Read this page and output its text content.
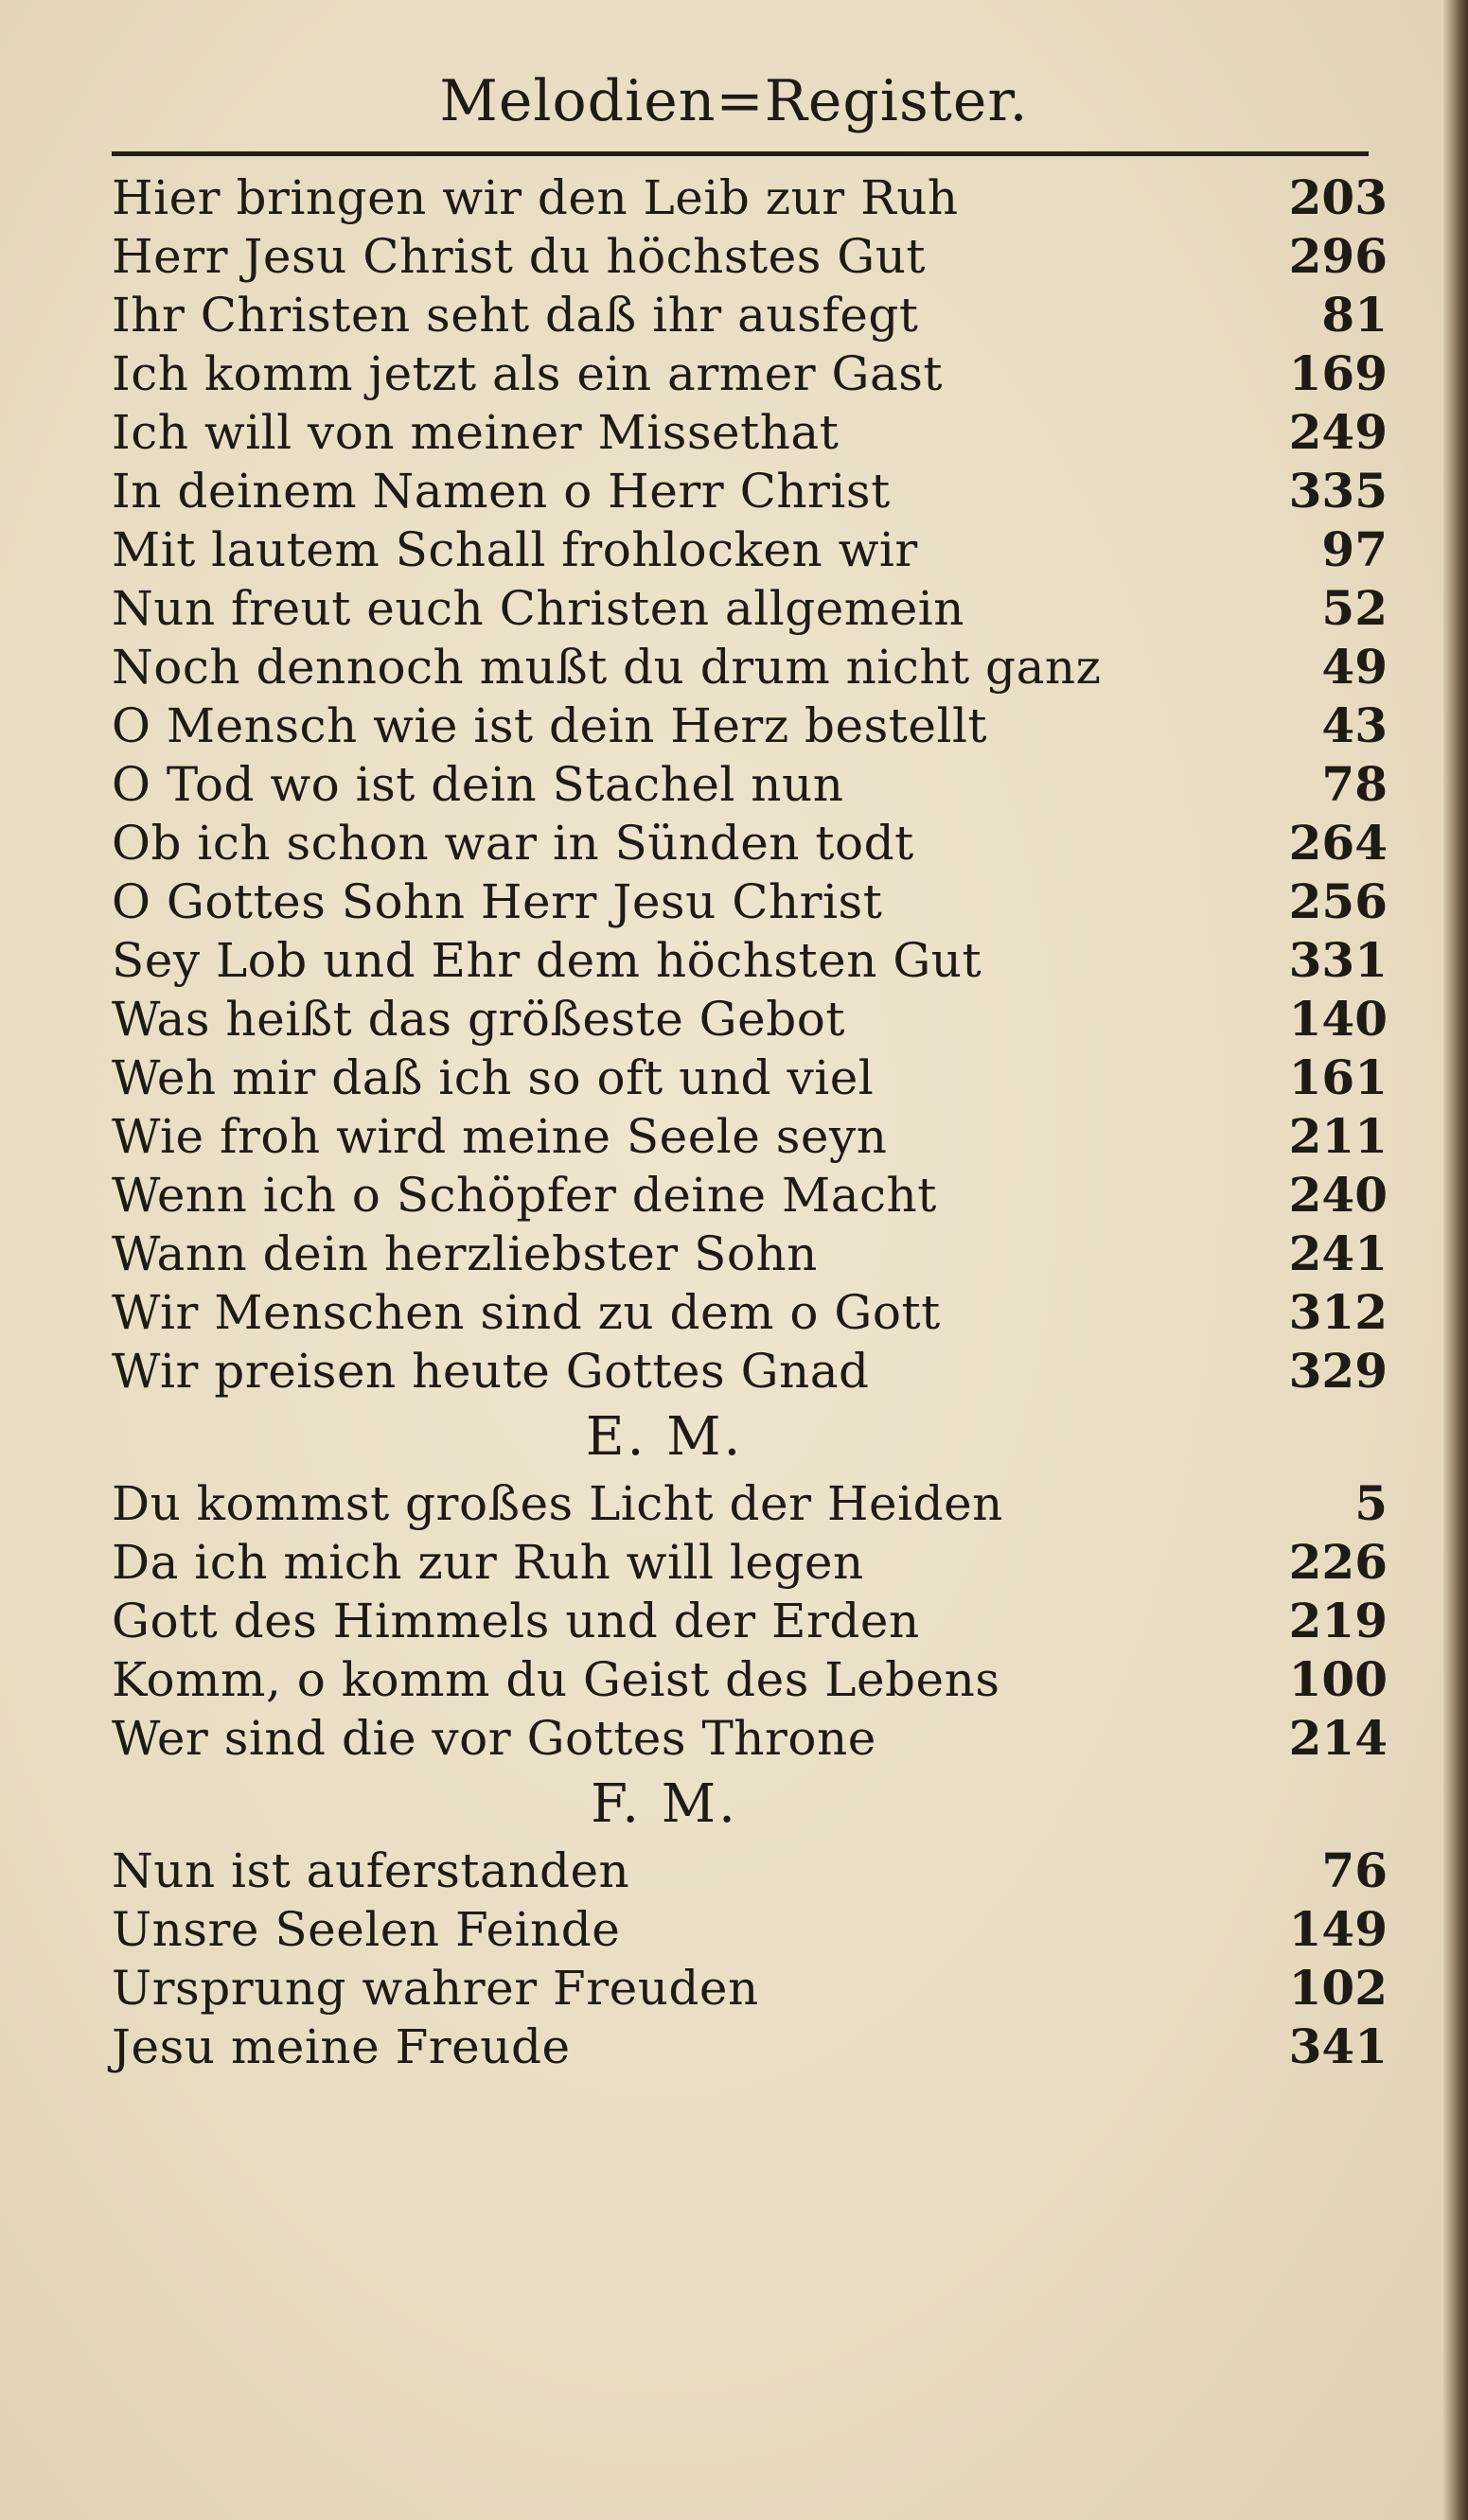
Melodien=Register.
Hier bringen wir den Leib zur Ruh	203
Herr Jesu Christ du höchstes Gut	296
Ihr Christen seht daß ihr ausfegt	81
Ich komm jetzt als ein armer Gast	169
Ich will von meiner Missethat	249
In deinem Namen o Herr Christ	335
Mit lautem Schall frohlocken wir	97
Nun freut euch Christen allgemein	52
Noch dennoch mußt du drum nicht ganz	49
O Mensch wie ist dein Herz bestellt	43
O Tod wo ist dein Stachel nun	78
Ob ich schon war in Sünden todt	264
O Gottes Sohn Herr Jesu Christ	256
Sey Lob und Ehr dem höchsten Gut	331
Was heißt das größeste Gebot	140
Weh mir daß ich so oft und viel	161
Wie froh wird meine Seele seyn	211
Wenn ich o Schöpfer deine Macht	240
Wann dein herzliebster Sohn	241
Wir Menschen sind zu dem o Gott	312
Wir preisen heute Gottes Gnad	329
E. M.
Du kommst großes Licht der Heiden	5
Da ich mich zur Ruh will legen	226
Gott des Himmels und der Erden	219
Komm, o komm du Geist des Lebens	100
Wer sind die vor Gottes Throne	214
F. M.
Nun ist auferstanden	76
Unsre Seelen Feinde	149
Ursprung wahrer Freuden	102
Jesu meine Freude	341
